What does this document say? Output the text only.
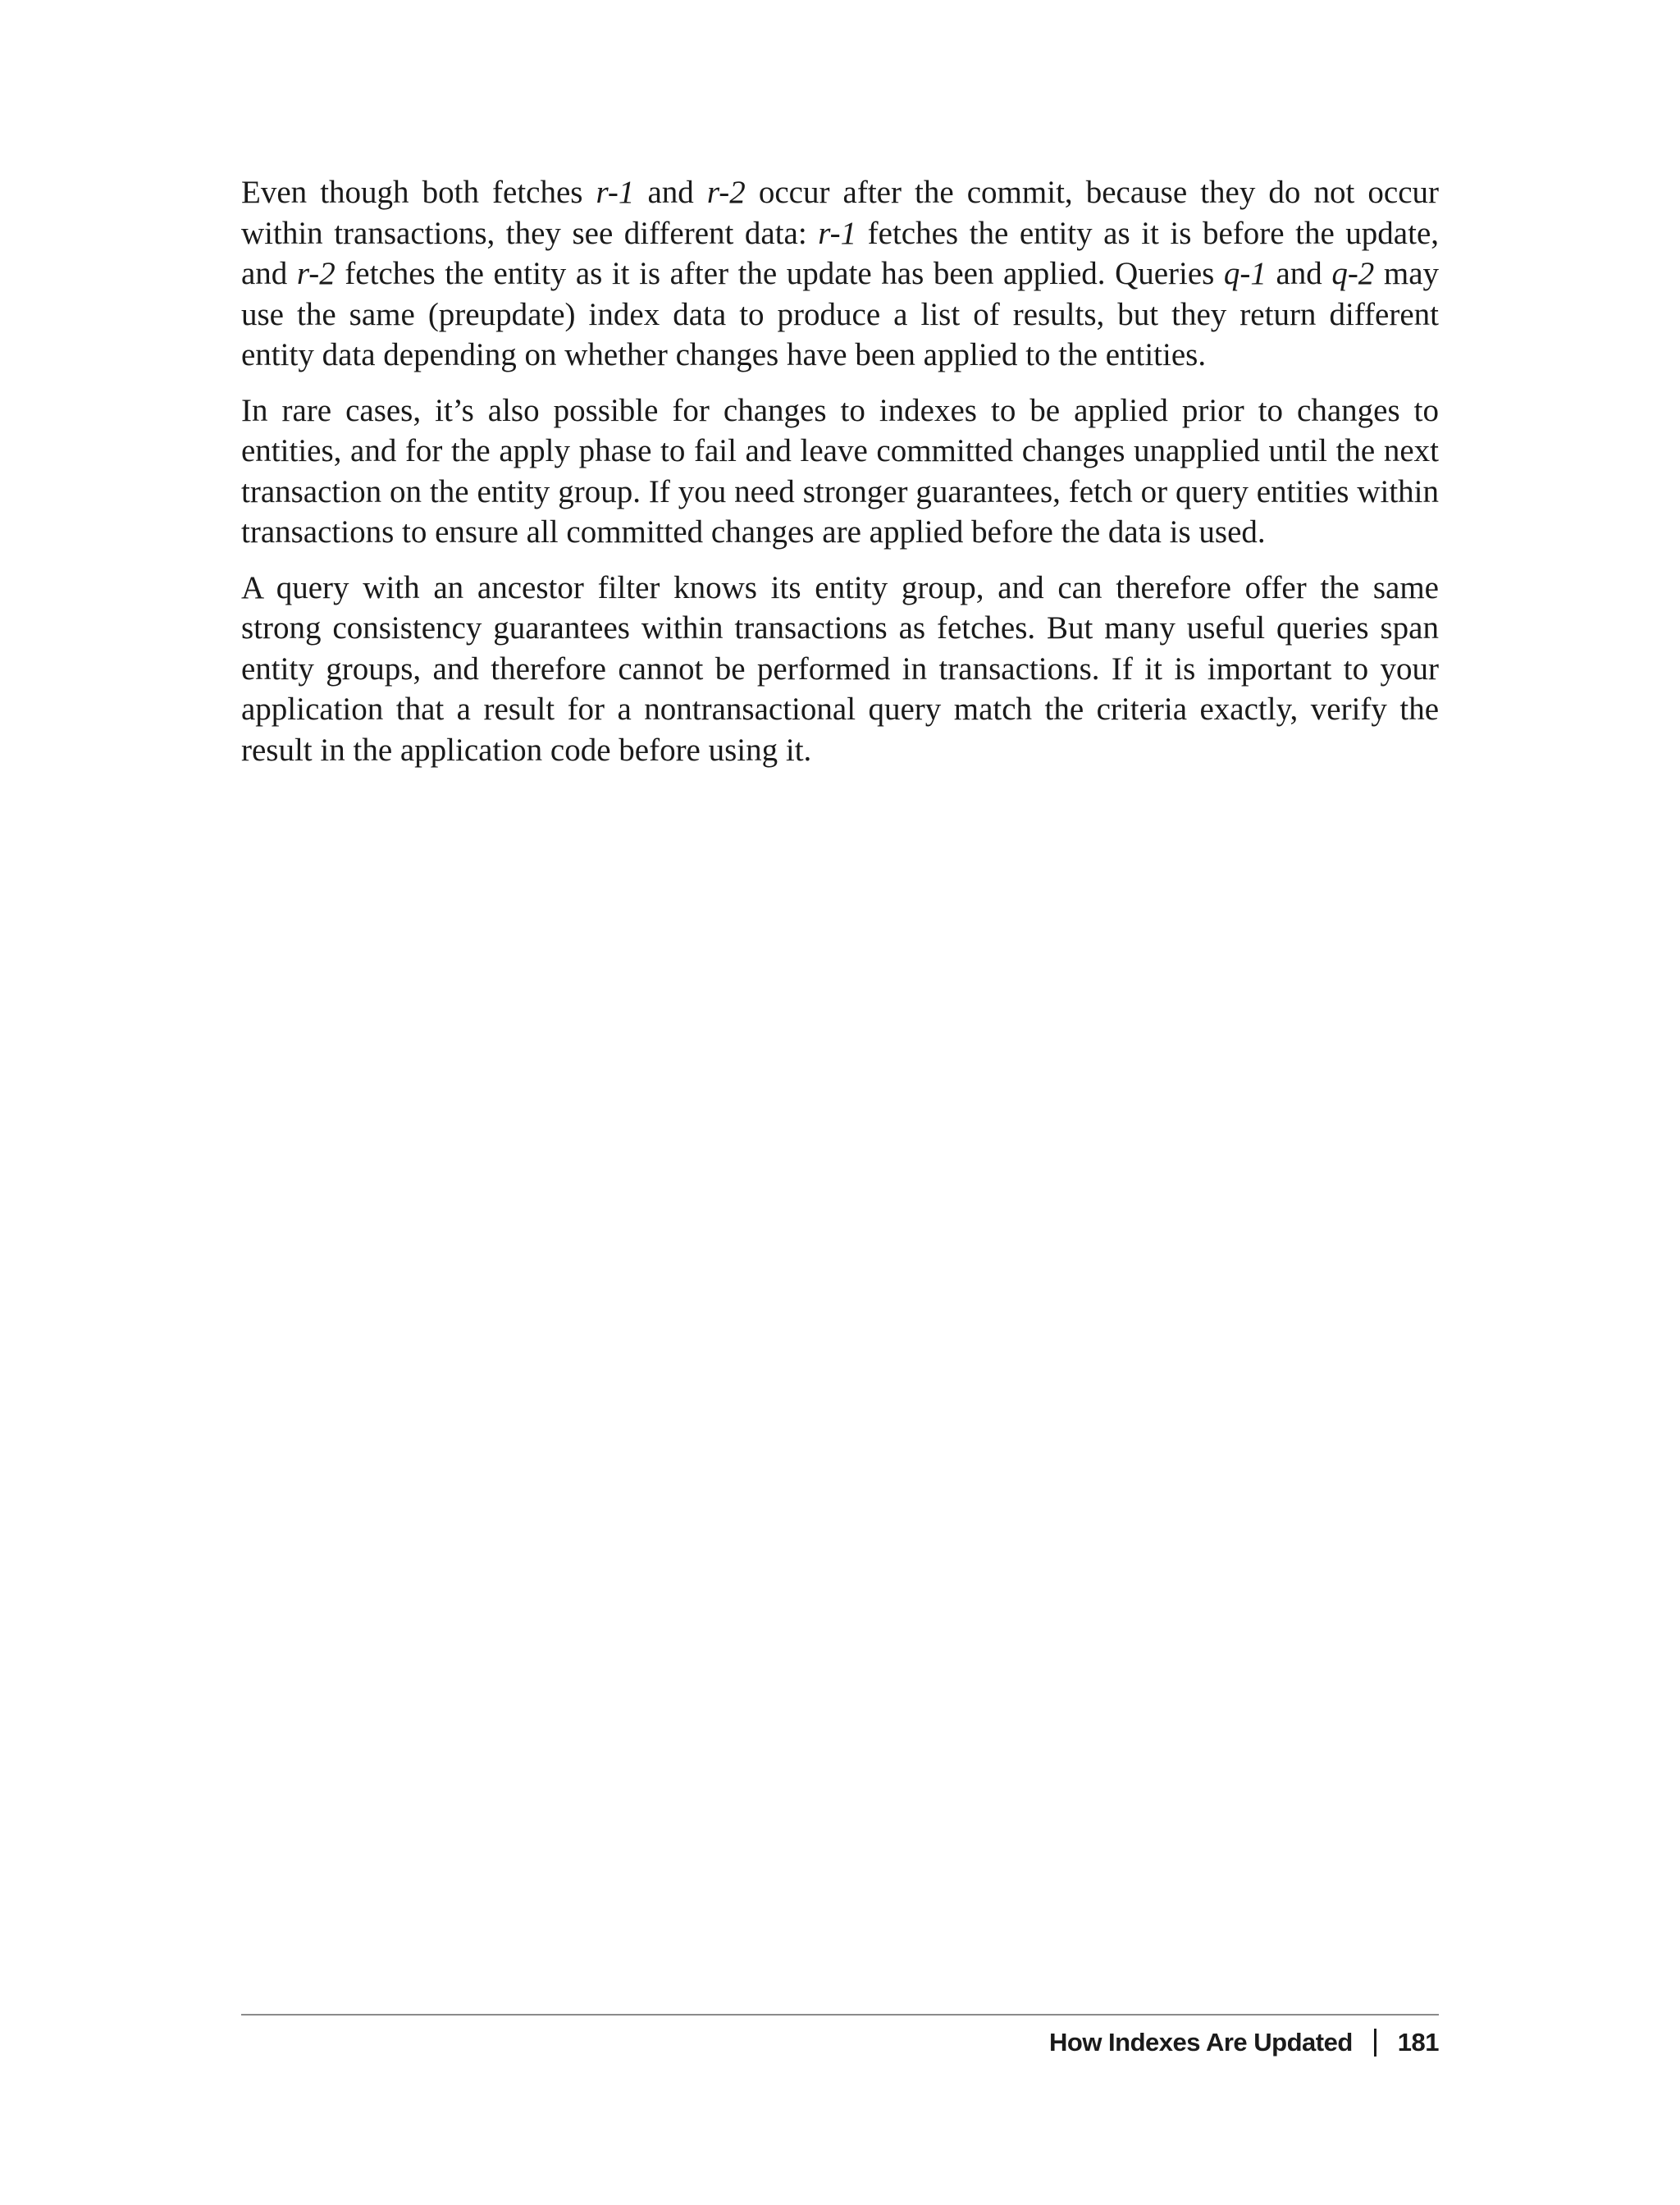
Even though both fetches r-1 and r-2 occur after the commit, because they do not occur within transactions, they see different data: r-1 fetches the entity as it is before the update, and r-2 fetches the entity as it is after the update has been applied. Queries q-1 and q-2 may use the same (preupdate) index data to produce a list of results, but they return different entity data depending on whether changes have been applied to the entities.

In rare cases, it’s also possible for changes to indexes to be applied prior to changes to entities, and for the apply phase to fail and leave committed changes unapplied until the next transaction on the entity group. If you need stronger guarantees, fetch or query entities within transactions to ensure all committed changes are applied before the data is used.

A query with an ancestor filter knows its entity group, and can therefore offer the same strong consistency guarantees within transactions as fetches. But many useful queries span entity groups, and therefore cannot be performed in transactions. If it is important to your application that a result for a nontransactional query match the criteria exactly, verify the result in the application code before using it.

How Indexes Are Updated 181
